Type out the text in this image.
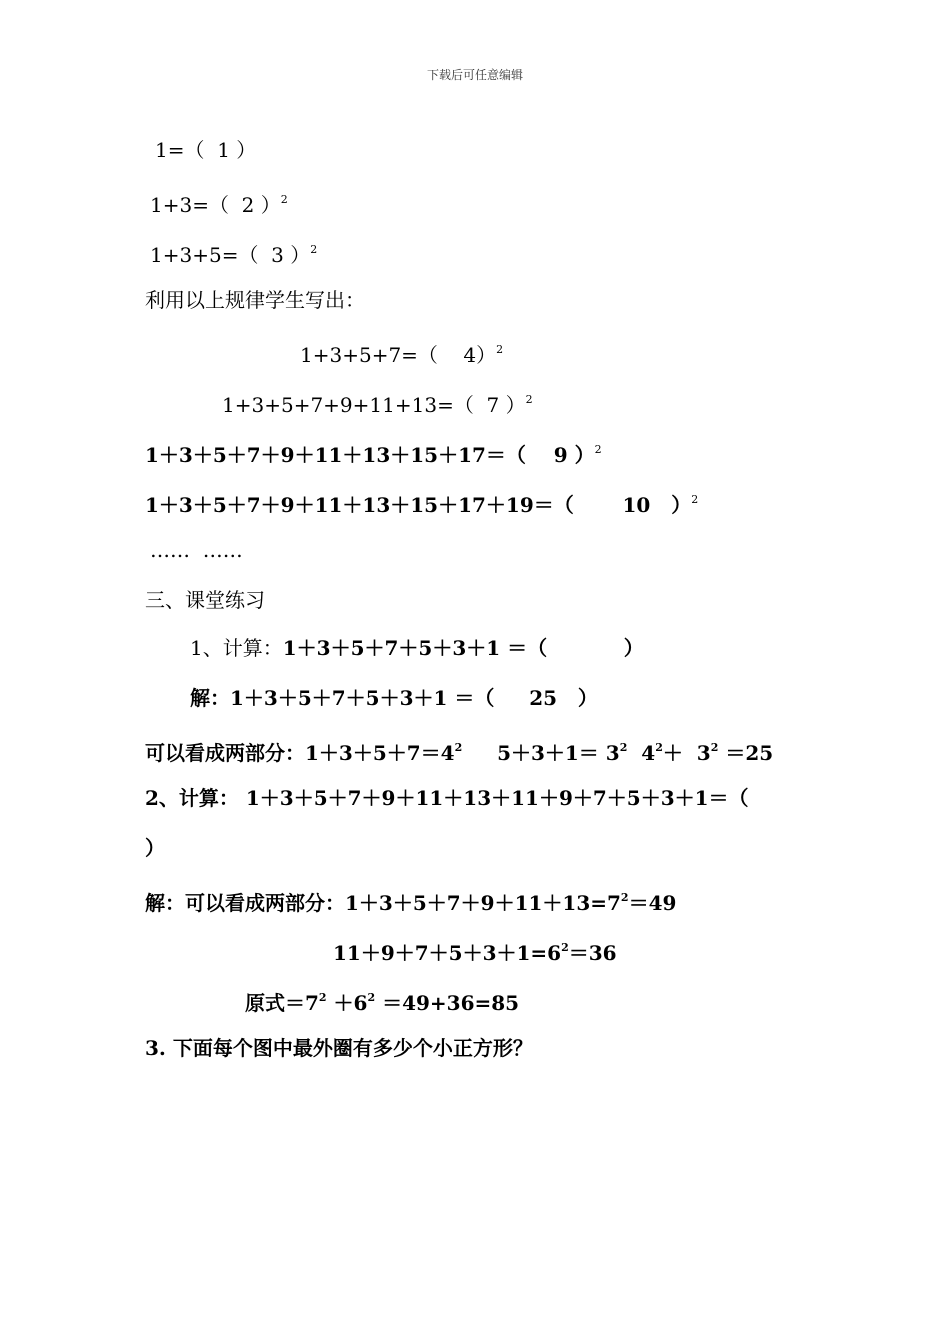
下载后可任意编辑
1=（  1 ）
1+3=（  2 ）$^2$
1+3+5=（  3 ）$^2$
利用以上规律学生写出：
1+3+5+7=（    4）$^2$
1+3+5+7+9+11+13=（  7 ）$^2$
1＋3＋5＋7＋9＋11＋13＋15＋17＝（    9 ）$^2$
1＋3＋5＋7＋9＋11＋13＋15＋17＋19＝（       10   ）$^2$
……  ……
三、课堂练习
1、计算：1＋3＋5＋7＋5＋3＋1 ＝（           ）
解：1＋3＋5＋7＋5＋3＋1 ＝（     25   ）
可以看成两部分：$1+3+5+7=4^2$     $5+3+1= 3^2$  $4^2+ 3^2 =25$
2、计算： 1＋3＋5＋7＋9＋11＋13＋11＋9＋7＋5＋3＋1＝（
）
解：可以看成两部分：$1+3+5+7+9+11+13=7^2=49$
$11+9+7+5+3+1=6^2=36$
原式$=7^2 +6^2 =49+36=85$
3. 下面每个图中最外圈有多少个小正方形？
